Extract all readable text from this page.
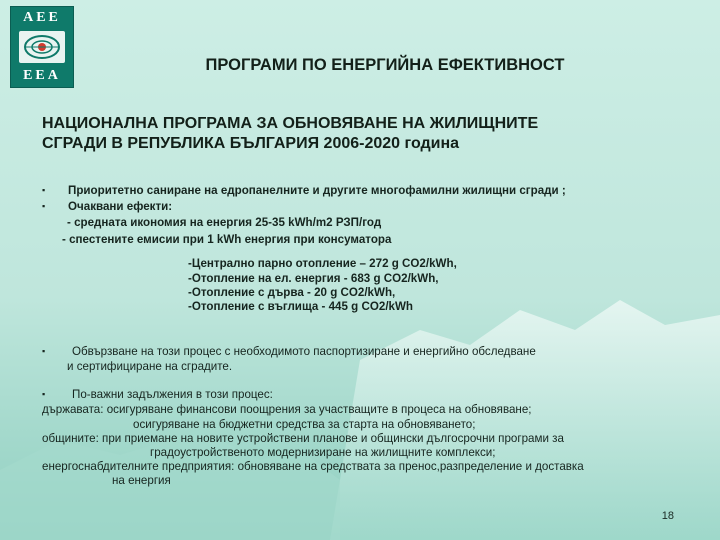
ΑΕΕ
ΕΕΑ
ПРОГРАМИ ПО ЕНЕРГИЙНА ЕФЕКТИВНОСТ
НАЦИОНАЛНА ПРОГРАМА ЗА ОБНОВЯВАНЕ НА ЖИЛИЩНИТЕ
СГРАДИ В РЕПУБЛИКА БЪЛГАРИЯ 2006-2020 година
▪ Приоритетно саниране на едропанелните и другите многофамилни жилищни сгради ;
▪ Очаквани ефекти:
- средната икономия на енергия 25-35 kWh/m2 РЗП/год
- спестените емисии при 1 kWh енергия при консуматора
-Централно парно отопление – 272 g CO2/kWh,
-Отопление на ел. енергия - 683 g CO2/kWh,
-Отопление с дърва - 20 g CO2/kWh,
-Отопление с въглища - 445 g CO2/kWh
▪ Обвързване на този процес с необходимото паспортизиране и енергийно обследване
и сертифициране на сградите.
▪ По-важни задължения в този процес:
държавата: осигуряване финансови поощрения за участващите в процеса на обновяване;
осигуряване на бюджетни средства за старта на обновяването;
общините: при приемане на новите устройствени планове и общински дългосрочни програми за
градоустройственото модернизиране на жилищните комплекси;
енергоснабдителните предприятия: обновяване на средствата за пренос,разпределение и доставка
на енергия
18
